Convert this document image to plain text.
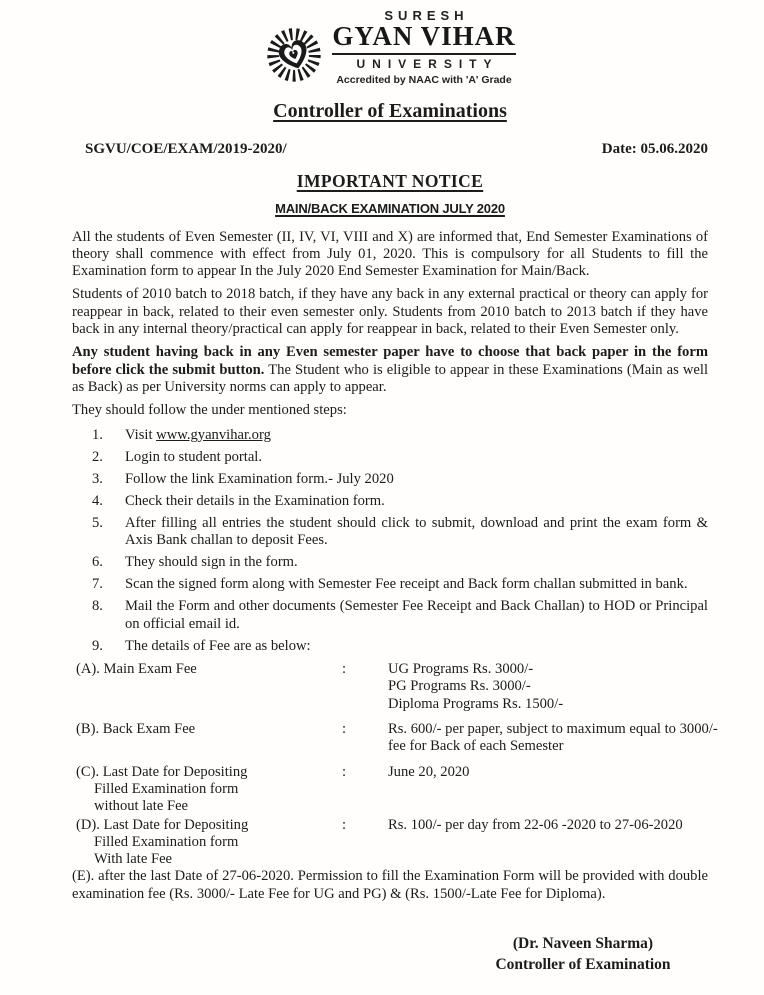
SURESH
GYAN VIHAR
UNIVERSITY
Accredited by NAAC with 'A' Grade
Controller of Examinations
SGVU/COE/EXAM/2019-2020/	Date: 05.06.2020
IMPORTANT NOTICE
MAIN/BACK EXAMINATION JULY 2020

All the students of Even Semester (II, IV, VI, VIII and X) are informed that, End Semester Examinations of theory shall commence with effect from July 01, 2020. This is compulsory for all Students to fill the Examination form to appear In the July 2020 End Semester Examination for Main/Back.

Students of 2010 batch to 2018 batch, if they have any back in any external practical or theory can apply for reappear in back, related to their even semester only. Students from 2010 batch to 2013 batch if they have back in any internal theory/practical can apply for reappear in back, related to their Even Semester only.

Any student having back in any Even semester paper have to choose that back paper in the form before click the submit button. The Student who is eligible to appear in these Examinations (Main as well as Back) as per University norms can apply to appear.

They should follow the under mentioned steps:

1.	Visit www.gyanvihar.org
2.	Login to student portal.
3.	Follow the link Examination form.- July 2020
4.	Check their details in the Examination form.
5.	After filling all entries the student should click to submit, download and print the exam form & Axis Bank challan to deposit Fees.
6.	They should sign in the form.
7.	Scan the signed form along with Semester Fee receipt and Back form challan submitted in bank.
8.	Mail the Form and other documents (Semester Fee Receipt and Back Challan) to HOD or Principal on official email id.
9.	The details of Fee are as below:
(A). Main Exam Fee	:	UG Programs Rs. 3000/-
PG Programs Rs. 3000/-
Diploma Programs Rs. 1500/-
(B). Back Exam Fee	:	Rs. 600/- per paper, subject to maximum equal to 3000/-
fee for Back of each Semester
(C). Last Date for Depositing
Filled Examination form
without late Fee
:	June 20, 2020
(D). Last Date for Depositing
Filled Examination form
With late Fee
:	Rs. 100/- per day from 22-06 -2020 to 27-06-2020

(E). after the last Date of 27-06-2020. Permission to fill the Examination Form will be provided with double examination fee (Rs. 3000/- Late Fee for UG and PG) & (Rs. 1500/-Late Fee for Diploma).

(Dr. Naveen Sharma)
Controller of Examination
